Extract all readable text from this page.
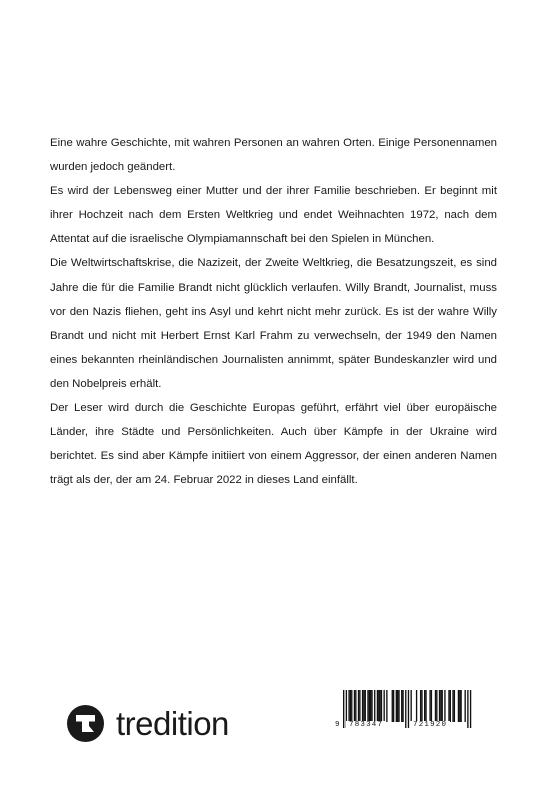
Eine wahre Geschichte, mit wahren Personen an wahren Orten. Einige Personennamen wurden jedoch geändert.

Es wird der Lebensweg einer Mutter und der ihrer Familie beschrieben. Er beginnt mit ihrer Hochzeit nach dem Ersten Weltkrieg und endet Weihnachten 1972, nach dem Attentat auf die israelische Olympiamannschaft bei den Spielen in München.

Die Weltwirtschaftskrise, die Nazizeit, der Zweite Weltkrieg, die Besatzungszeit, es sind Jahre die für die Familie Brandt nicht glücklich verlaufen. Willy Brandt, Journalist, muss vor den Nazis fliehen, geht ins Asyl und kehrt nicht mehr zurück. Es ist der wahre Willy Brandt und nicht mit Herbert Ernst Karl Frahm zu verwechseln, der 1949 den Namen eines bekannten rheinländischen Journalisten annimmt, später Bundeskanzler wird und den Nobelpreis erhält.

Der Leser wird durch die Geschichte Europas geführt, erfährt viel über europäische Länder, ihre Städte und Persönlichkeiten. Auch über Kämpfe in der Ukraine wird berichtet. Es sind aber Kämpfe initiiert von einem Aggressor, der einen anderen Namen trägt als der, der am 24. Februar 2022 in dieses Land einfällt.

tredition	9	783347	721920
